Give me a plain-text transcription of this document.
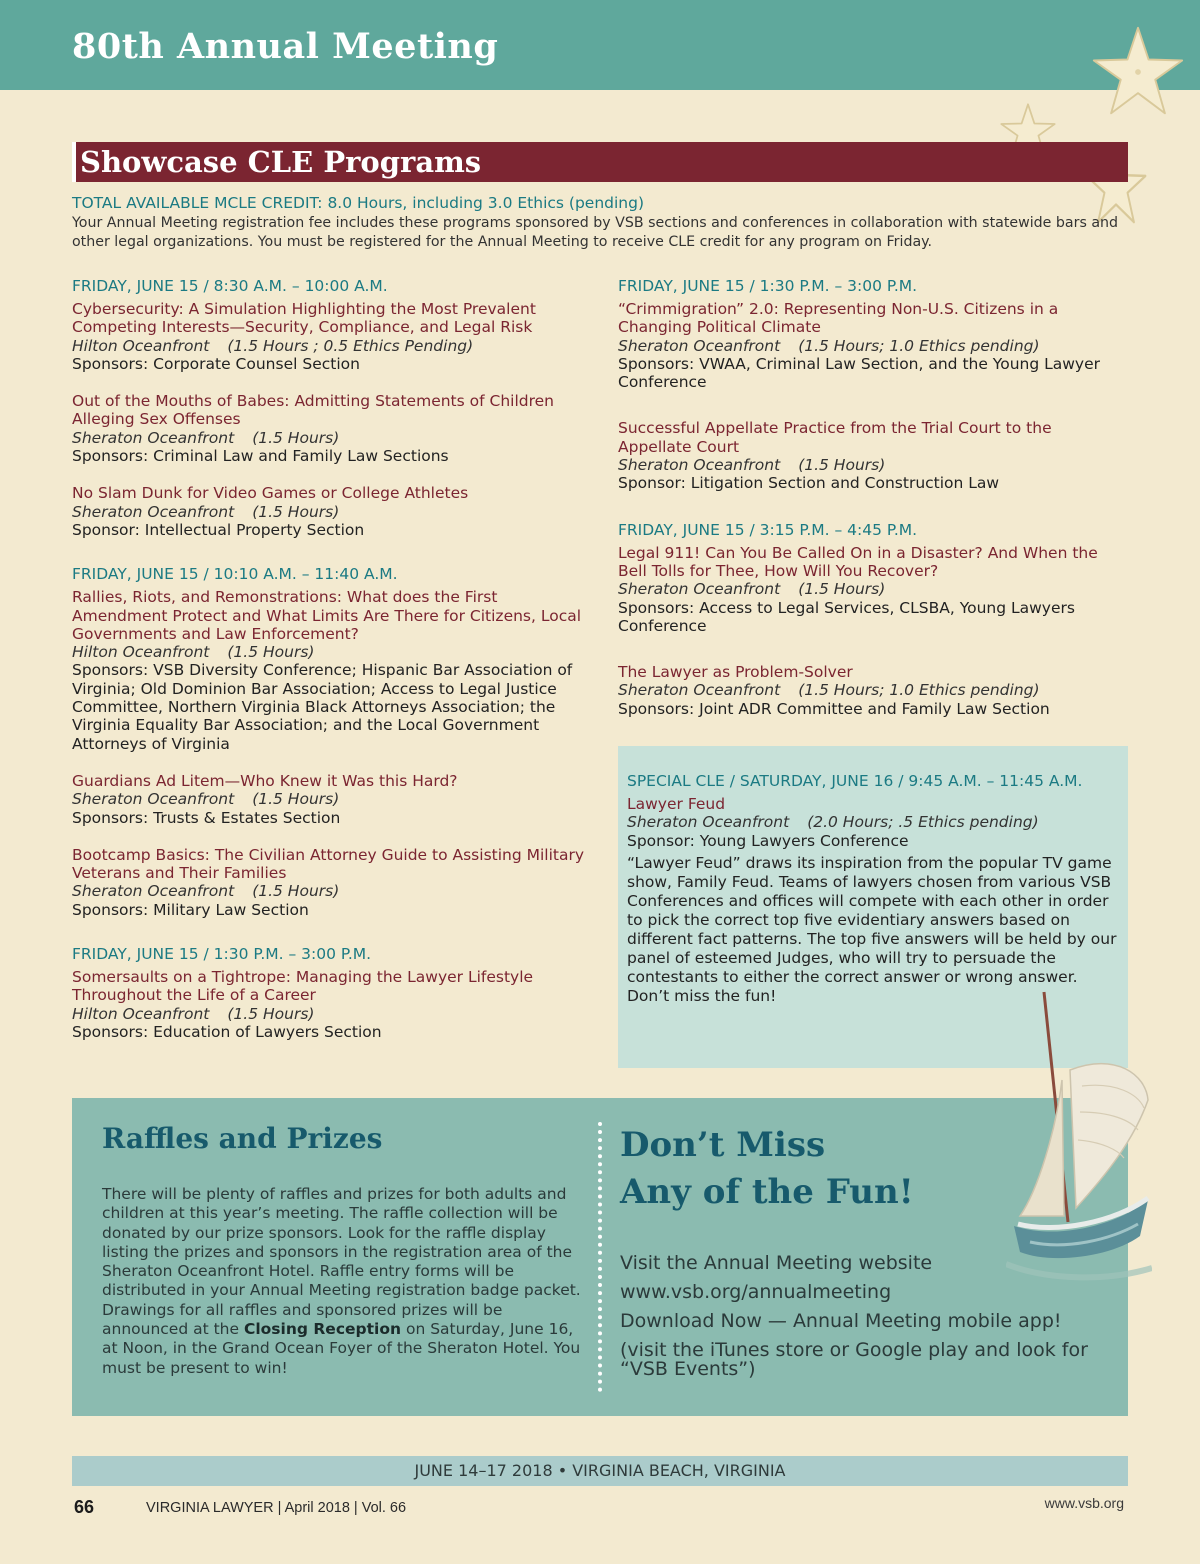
80th Annual Meeting
Showcase CLE Programs
TOTAL AVAILABLE MCLE CREDIT: 8.0 Hours, including 3.0 Ethics (pending)
Your Annual Meeting registration fee includes these programs sponsored by VSB sections and conferences in collaboration with statewide bars and other legal organizations. You must be registered for the Annual Meeting to receive CLE credit for any program on Friday.
FRIDAY, JUNE 15 / 8:30 A.M. – 10:00 A.M.
Cybersecurity: A Simulation Highlighting the Most Prevalent Competing Interests—Security, Compliance, and Legal Risk
Hilton Oceanfront (1.5 Hours ; 0.5 Ethics Pending)
Sponsors: Corporate Counsel Section
Out of the Mouths of Babes: Admitting Statements of Children Alleging Sex Offenses
Sheraton Oceanfront (1.5 Hours)
Sponsors: Criminal Law and Family Law Sections
No Slam Dunk for Video Games or College Athletes
Sheraton Oceanfront (1.5 Hours)
Sponsor: Intellectual Property Section
FRIDAY, JUNE 15 / 10:10 A.M. – 11:40 A.M.
Rallies, Riots, and Remonstrations: What does the First Amendment Protect and What Limits Are There for Citizens, Local Governments and Law Enforcement?
Hilton Oceanfront (1.5 Hours)
Sponsors: VSB Diversity Conference; Hispanic Bar Association of Virginia; Old Dominion Bar Association; Access to Legal Justice Committee, Northern Virginia Black Attorneys Association; the Virginia Equality Bar Association; and the Local Government Attorneys of Virginia
Guardians Ad Litem—Who Knew it Was this Hard?
Sheraton Oceanfront (1.5 Hours)
Sponsors: Trusts & Estates Section
Bootcamp Basics: The Civilian Attorney Guide to Assisting Military Veterans and Their Families
Sheraton Oceanfront (1.5 Hours)
Sponsors: Military Law Section
FRIDAY, JUNE 15 / 1:30 P.M. – 3:00 P.M.
Somersaults on a Tightrope: Managing the Lawyer Lifestyle Throughout the Life of a Career
Hilton Oceanfront (1.5 Hours)
Sponsors: Education of Lawyers Section
FRIDAY, JUNE 15 / 1:30 P.M. – 3:00 P.M.
“Crimmigration” 2.0: Representing Non-U.S. Citizens in a Changing Political Climate
Sheraton Oceanfront (1.5 Hours; 1.0 Ethics pending)
Sponsors: VWAA, Criminal Law Section, and the Young Lawyer Conference
Successful Appellate Practice from the Trial Court to the Appellate Court
Sheraton Oceanfront (1.5 Hours)
Sponsor: Litigation Section and Construction Law
FRIDAY, JUNE 15 / 3:15 P.M. – 4:45 P.M.
Legal 911! Can You Be Called On in a Disaster? And When the Bell Tolls for Thee, How Will You Recover?
Sheraton Oceanfront (1.5 Hours)
Sponsors: Access to Legal Services, CLSBA, Young Lawyers Conference
The Lawyer as Problem-Solver
Sheraton Oceanfront (1.5 Hours; 1.0 Ethics pending)
Sponsors: Joint ADR Committee and Family Law Section
SPECIAL CLE / SATURDAY, JUNE 16 / 9:45 A.M. – 11:45 A.M.
Lawyer Feud
Sheraton Oceanfront (2.0 Hours; .5 Ethics pending)
Sponsor: Young Lawyers Conference
“Lawyer Feud” draws its inspiration from the popular TV game show, Family Feud. Teams of lawyers chosen from various VSB Conferences and offices will compete with each other in order to pick the correct top five evidentiary answers based on different fact patterns. The top five answers will be held by our panel of esteemed Judges, who will try to persuade the contestants to either the correct answer or wrong answer.
Don’t miss the fun!
Raffles and Prizes
There will be plenty of raffles and prizes for both adults and children at this year’s meeting. The raffle collection will be donated by our prize sponsors. Look for the raffle display listing the prizes and sponsors in the registration area of the Sheraton Oceanfront Hotel. Raffle entry forms will be distributed in your Annual Meeting registration badge packet. Drawings for all raffles and sponsored prizes will be announced at the Closing Reception on Saturday, June 16, at Noon, in the Grand Ocean Foyer of the Sheraton Hotel. You must be present to win!
Don’t Miss
Any of the Fun!
Visit the Annual Meeting website
www.vsb.org/annualmeeting
Download Now — Annual Meeting mobile app!
(visit the iTunes store or Google play and look for “VSB Events”)
JUNE 14–17 2018 • VIRGINIA BEACH, VIRGINIA
66	VIRGINIA LAWYER | April 2018 | Vol. 66	www.vsb.org
